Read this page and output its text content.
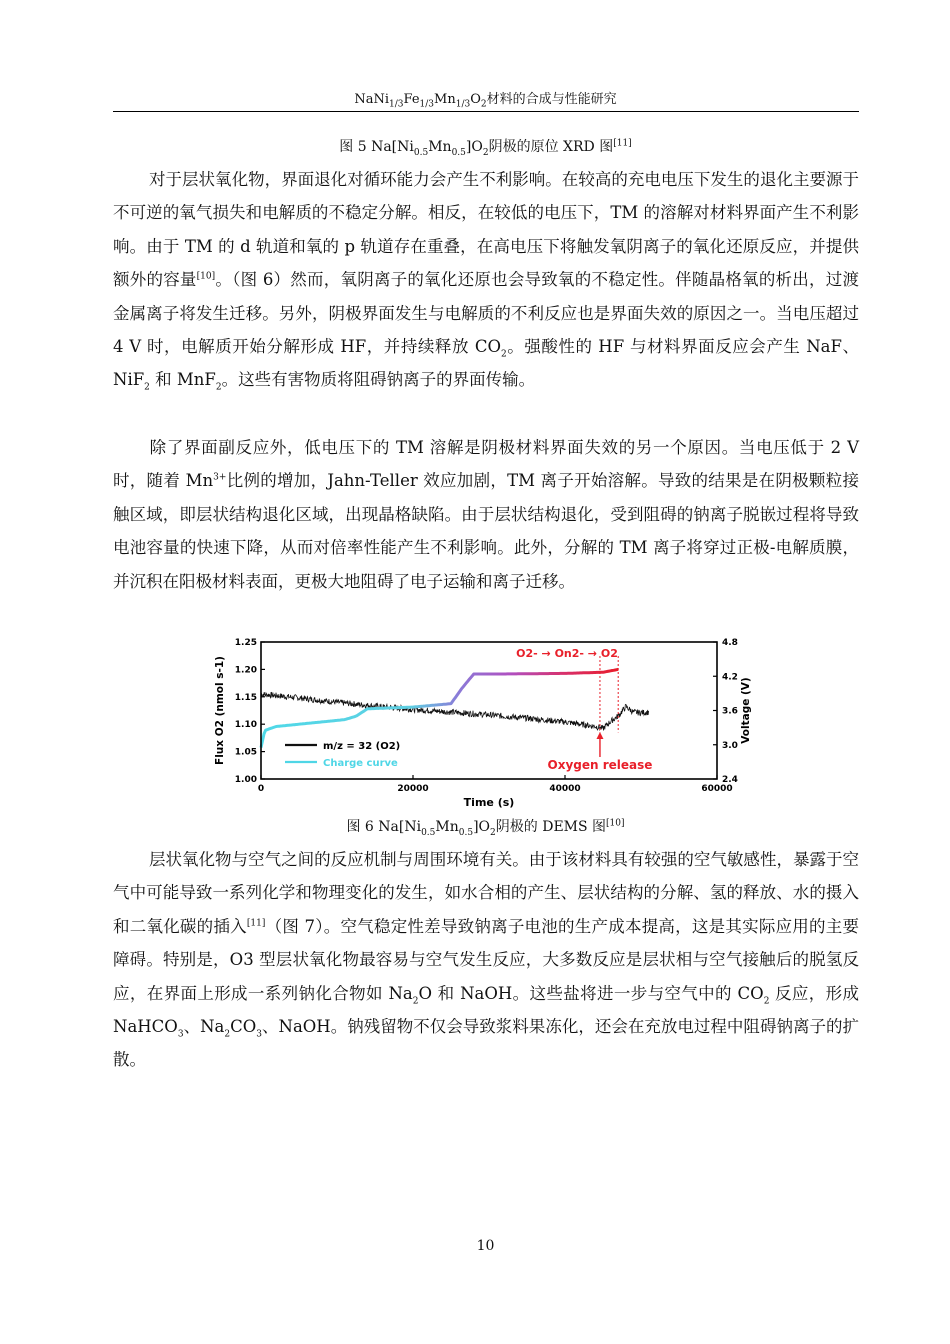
$NaNi_{1/3}Fe_{1/3}Mn_{1/3}O_2$材料的合成与性能研究
图 5 $Na[Ni_{0.5}Mn_{0.5}]O_2$阴极的原位 XRD 图[11]

对于层状氧化物，界面退化对循环能力会产生不利影响。在较高的充电电压下发生的退化主要源于不可逆的氧气损失和电解质的不稳定分解。相反，在较低的电压下，TM 的溶解对材料界面产生不利影响。由于 TM 的 d 轨道和氧的 p 轨道存在重叠，在高电压下将触发氧阴离子的氧化还原反应，并提供额外的容量[10]。（图 6）然而，氧阴离子的氧化还原也会导致氧的不稳定性。伴随晶格氧的析出，过渡金属离子将发生迁移。另外，阴极界面发生与电解质的不利反应也是界面失效的原因之一。当电压超过 4 V 时，电解质开始分解形成 HF，并持续释放 $CO_2$。强酸性的 HF 与材料界面反应会产生 NaF、NiF$_2$ 和 MnF$_2$。这些有害物质将阻碍钠离子的界面传输。

除了界面副反应外，低电压下的 TM 溶解是阴极材料界面失效的另一个原因。当电压低于 2 V 时，随着 $Mn^{3+}$比例的增加，Jahn-Teller 效应加剧，TM 离子开始溶解。导致的结果是在阴极颗粒接触区域，即层状结构退化区域，出现晶格缺陷。由于层状结构退化，受到阻碍的钠离子脱嵌过程将导致电池容量的快速下降，从而对倍率性能产生不利影响。此外，分解的 TM 离子将穿过正极-电解质膜，并沉积在阳极材料表面，更极大地阻碍了电子运输和离子迁移。

0	20000	40000	60000
1.00
1.05
1.10
1.15
1.20
1.25
2.4
3.0
3.6
4.2
4.8
Time (s)
Flux O2 (nmol s-1)	Voltage (V)
m/z = 32 (O2)
Charge curve
O2- → On2- → O2
Oxygen release
图 6 $Na[Ni_{0.5}Mn_{0.5}]O_2$阴极的 DEMS 图[10]

层状氧化物与空气之间的反应机制与周围环境有关。由于该材料具有较强的空气敏感性，暴露于空气中可能导致一系列化学和物理变化的发生，如水合相的产生、层状结构的分解、氢的释放、水的摄入和二氧化碳的插入[11]（图 7）。空气稳定性差导致钠离子电池的生产成本提高，这是其实际应用的主要障碍。特别是，O3 型层状氧化物最容易与空气发生反应，大多数反应是层状相与空气接触后的脱氢反应，在界面上形成一系列钠化合物如 $Na_2O$ 和 NaOH。这些盐将进一步与空气中的 $CO_2$ 反应，形成 NaHCO$_3$、$Na_2CO_3$、NaOH。钠残留物不仅会导致浆料果冻化，还会在充放电过程中阻碍钠离子的扩散。

10
